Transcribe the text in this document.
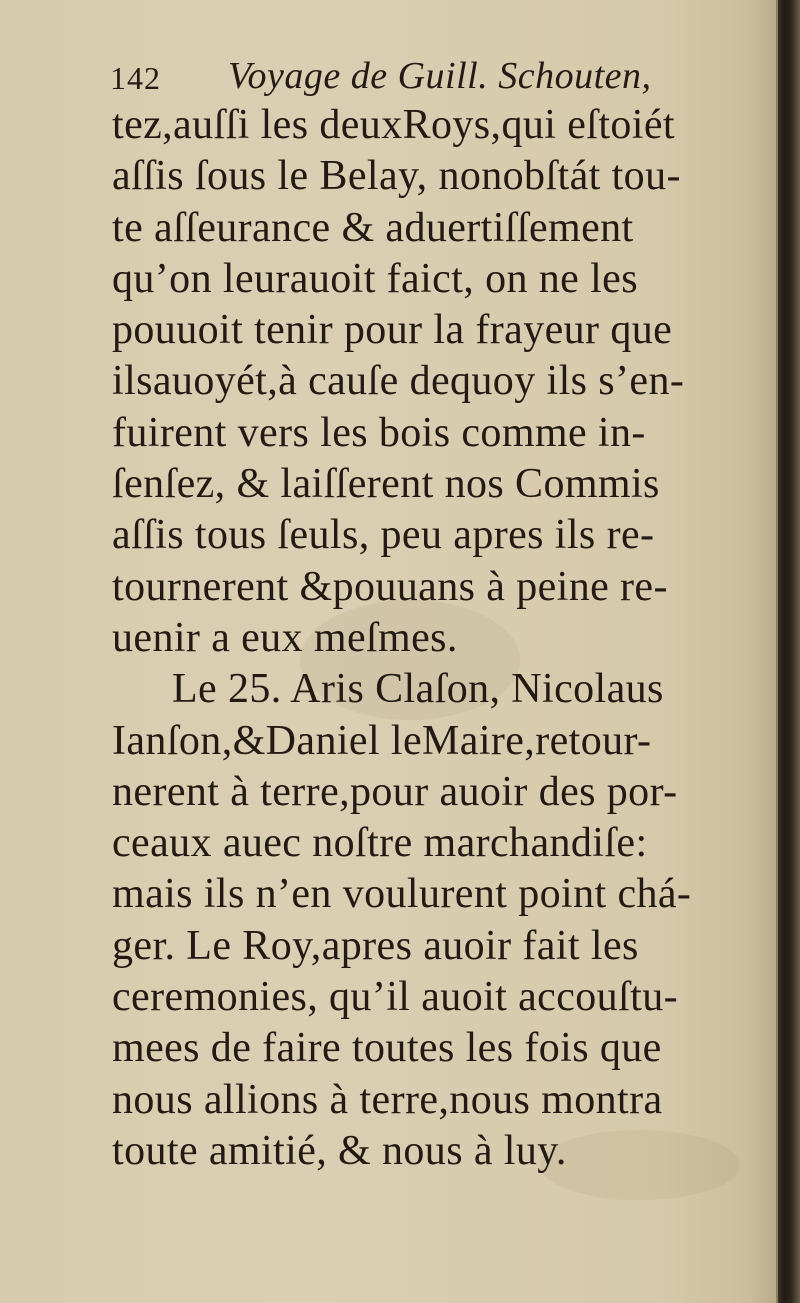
142 Voyage de Guill. Schouten,
tez,auſſi les deuxRoys,qui eſtoiét
aſſis ſous le Belay, nonobſtát tou-
te aſſeurance & aduertiſſement
qu’on leurauoit faict, on ne les
pouuoit tenir pour la frayeur que
ilsauoyét,à cauſe dequoy ils s’en-
fuirent vers les bois comme in-
ſenſez, & laiſſerent nos Commis
aſſis tous ſeuls, peu apres ils re-
tournerent &pouuans à peine re-
uenir a eux meſmes.
Le 25. Aris Claſon, Nicolaus
Ianſon,&Daniel leMaire,retour-
nerent à terre,pour auoir des por-
ceaux auec noſtre marchandiſe:
mais ils n’en voulurent point chá-
ger. Le Roy,apres auoir fait les
ceremonies, qu’il auoit accouſtu-
mees de faire toutes les fois que
nous allions à terre,nous montra
toute amitié, & nous à luy.
